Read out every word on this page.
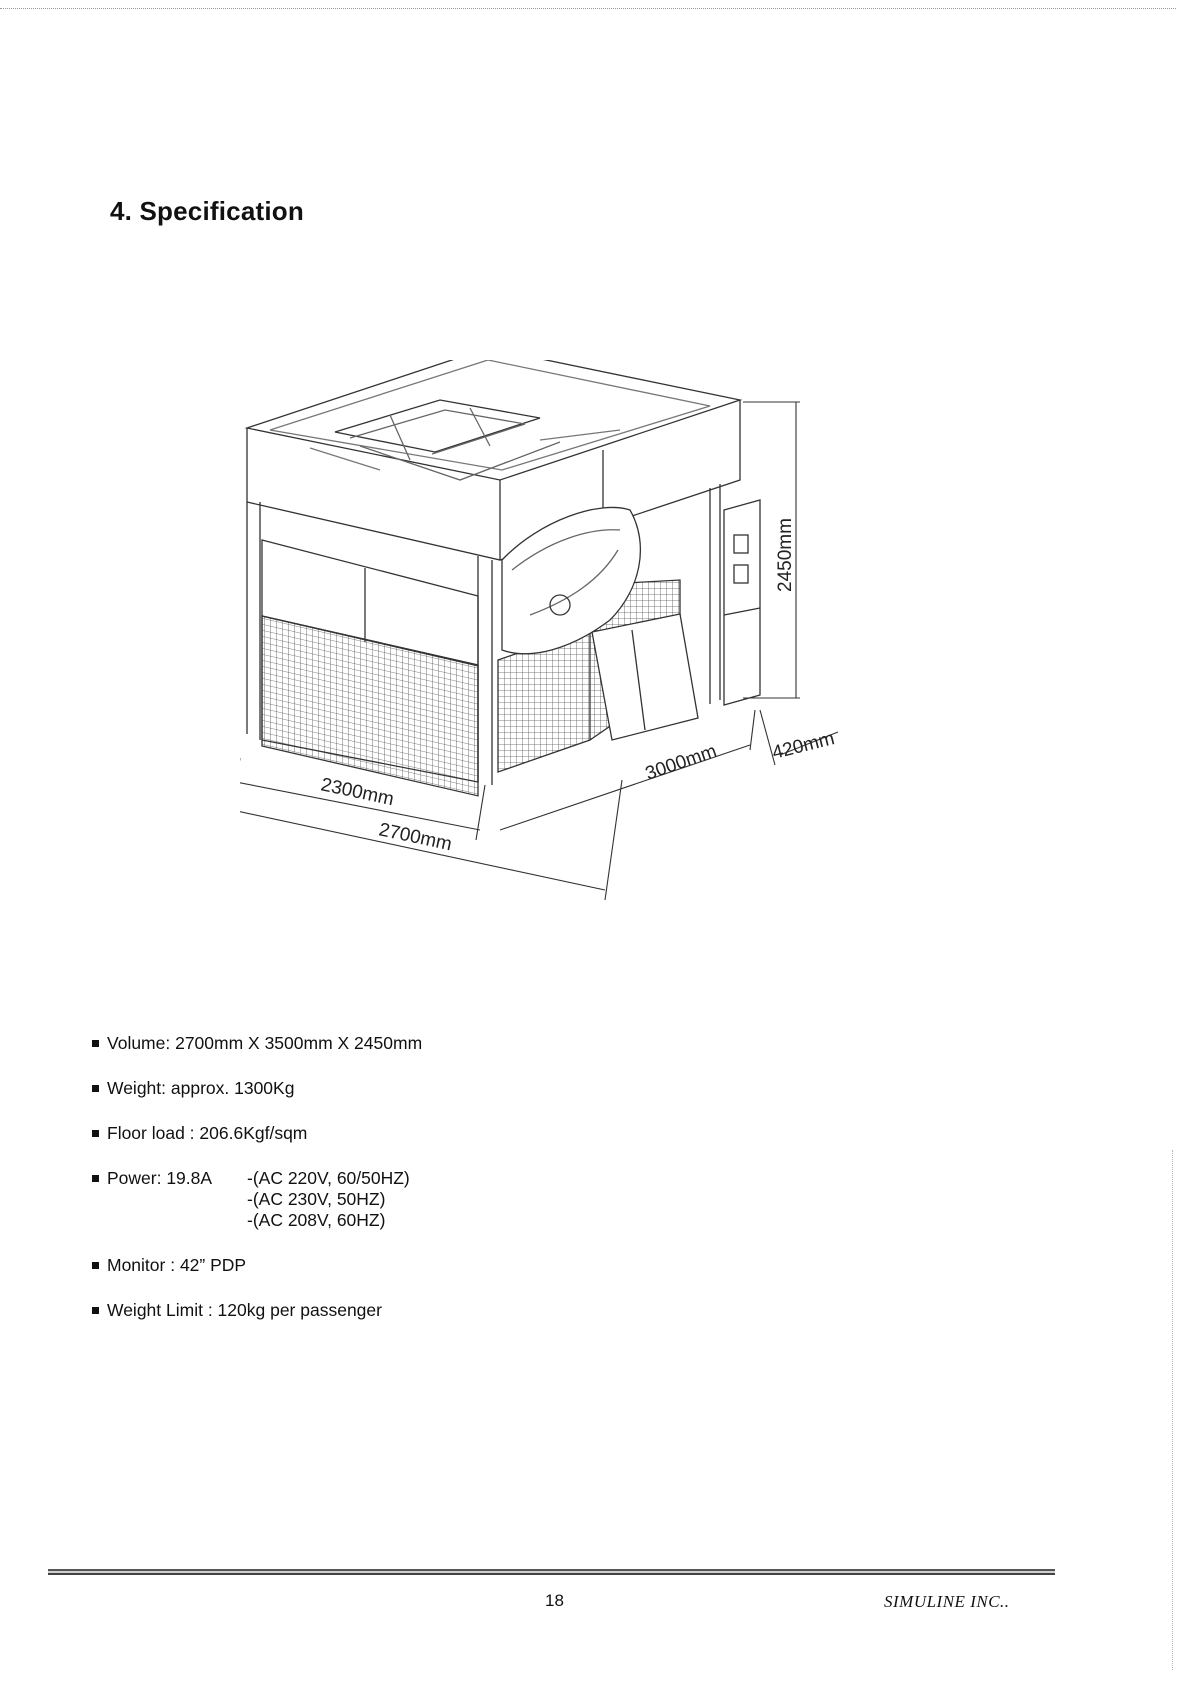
4. Specification
2450mm
3000mm	420mm
2300mm
2700mm
Volume: 2700mm X 3500mm X 2450mm
Weight: approx. 1300Kg
Floor load : 206.6Kgf/sqm
Power: 19.8A -(AC 220V, 60/50HZ)
-(AC 230V, 50HZ)
-(AC 208V, 60HZ)
Monitor : 42” PDP
Weight Limit : 120kg per passenger
18	SIMULINE INC..
